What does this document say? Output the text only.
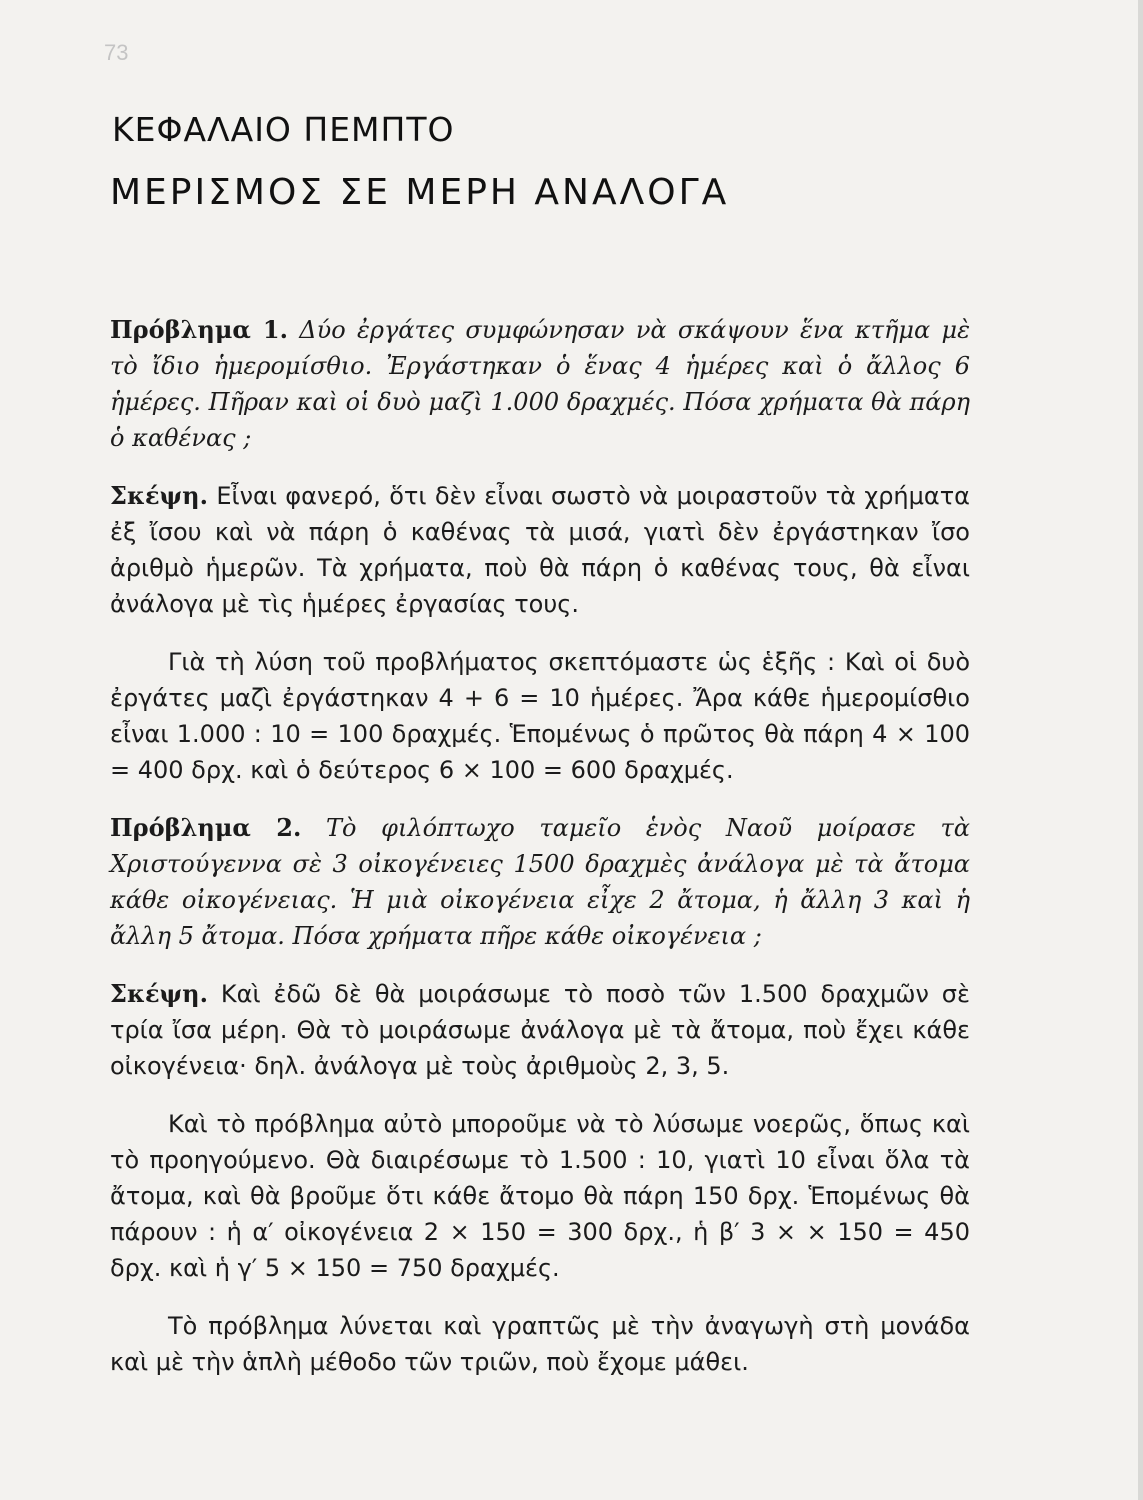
73
ΚΕΦΑΛΑΙΟ ΠΕΜΠΤΟ
ΜΕΡΙΣΜΟΣ ΣΕ ΜΕΡΗ ΑΝΑΛΟΓΑ

Πρόβλημα 1. Δύο ἐργάτες συμφώνησαν νὰ σκάψουν ἕνα κτῆμα μὲ τὸ ἴδιο ἡμερομίσθιο. Ἐργάστηκαν ὁ ἕνας 4 ἡμέρες καὶ ὁ ἄλλος 6 ἡμέρες. Πῆραν καὶ οἱ δυὸ μαζὶ 1.000 δραχμές. Πόσα χρήματα θὰ πάρη ὁ καθένας ;

Σκέψη. Εἶναι φανερό, ὅτι δὲν εἶναι σωστὸ νὰ μοιραστοῦν τὰ χρήματα ἐξ ἴσου καὶ νὰ πάρη ὁ καθένας τὰ μισά, γιατὶ δὲν ἐργάστηκαν ἴσο ἀριθμὸ ἡμερῶν. Τὰ χρήματα, ποὺ θὰ πάρη ὁ καθένας τους, θὰ εἶναι ἀνάλογα μὲ τὶς ἡμέρες ἐργασίας τους.

Γιὰ τὴ λύση τοῦ προβλήματος σκεπτόμαστε ὡς ἑξῆς : Καὶ οἱ δυὸ ἐργάτες μαζὶ ἐργάστηκαν 4 + 6 = 10 ἡμέρες. Ἄρα κάθε ἡμερομίσθιο εἶναι 1.000 : 10 = 100 δραχμές. Ἑπομένως ὁ πρῶτος θὰ πάρη 4 × 100 = 400 δρχ. καὶ ὁ δεύτερος 6 × 100 = 600 δραχμές.

Πρόβλημα 2. Τὸ φιλόπτωχο ταμεῖο ἑνὸς Ναοῦ μοίρασε τὰ Χριστούγεννα σὲ 3 οἰκογένειες 1500 δραχμὲς ἀνάλογα μὲ τὰ ἄτομα κάθε οἰκογένειας. Ἡ μιὰ οἰκογένεια εἶχε 2 ἄτομα, ἡ ἄλλη 3 καὶ ἡ ἄλλη 5 ἄτομα. Πόσα χρήματα πῆρε κάθε οἰκογένεια ;

Σκέψη. Καὶ ἐδῶ δὲ θὰ μοιράσωμε τὸ ποσὸ τῶν 1.500 δραχμῶν σὲ τρία ἴσα μέρη. Θὰ τὸ μοιράσωμε ἀνάλογα μὲ τὰ ἄτομα, ποὺ ἔχει κάθε οἰκογένεια· δηλ. ἀνάλογα μὲ τοὺς ἀριθμοὺς 2, 3, 5.

Καὶ τὸ πρόβλημα αὐτὸ μποροῦμε νὰ τὸ λύσωμε νοερῶς, ὅπως καὶ τὸ προηγούμενο. Θὰ διαιρέσωμε τὸ 1.500 : 10, γιατὶ 10 εἶναι ὅλα τὰ ἄτομα, καὶ θὰ βροῦμε ὅτι κάθε ἄτομο θὰ πάρη 150 δρχ. Ἑπομένως θὰ πάρουν : ἡ α′ οἰκογένεια 2 × 150 = 300 δρχ., ἡ β′ 3 × × 150 = 450 δρχ. καὶ ἡ γ′ 5 × 150 = 750 δραχμές.

Τὸ πρόβλημα λύνεται καὶ γραπτῶς μὲ τὴν ἀναγωγὴ στὴ μονάδα καὶ μὲ τὴν ἁπλὴ μέθοδο τῶν τριῶν, ποὺ ἔχομε μάθει.
